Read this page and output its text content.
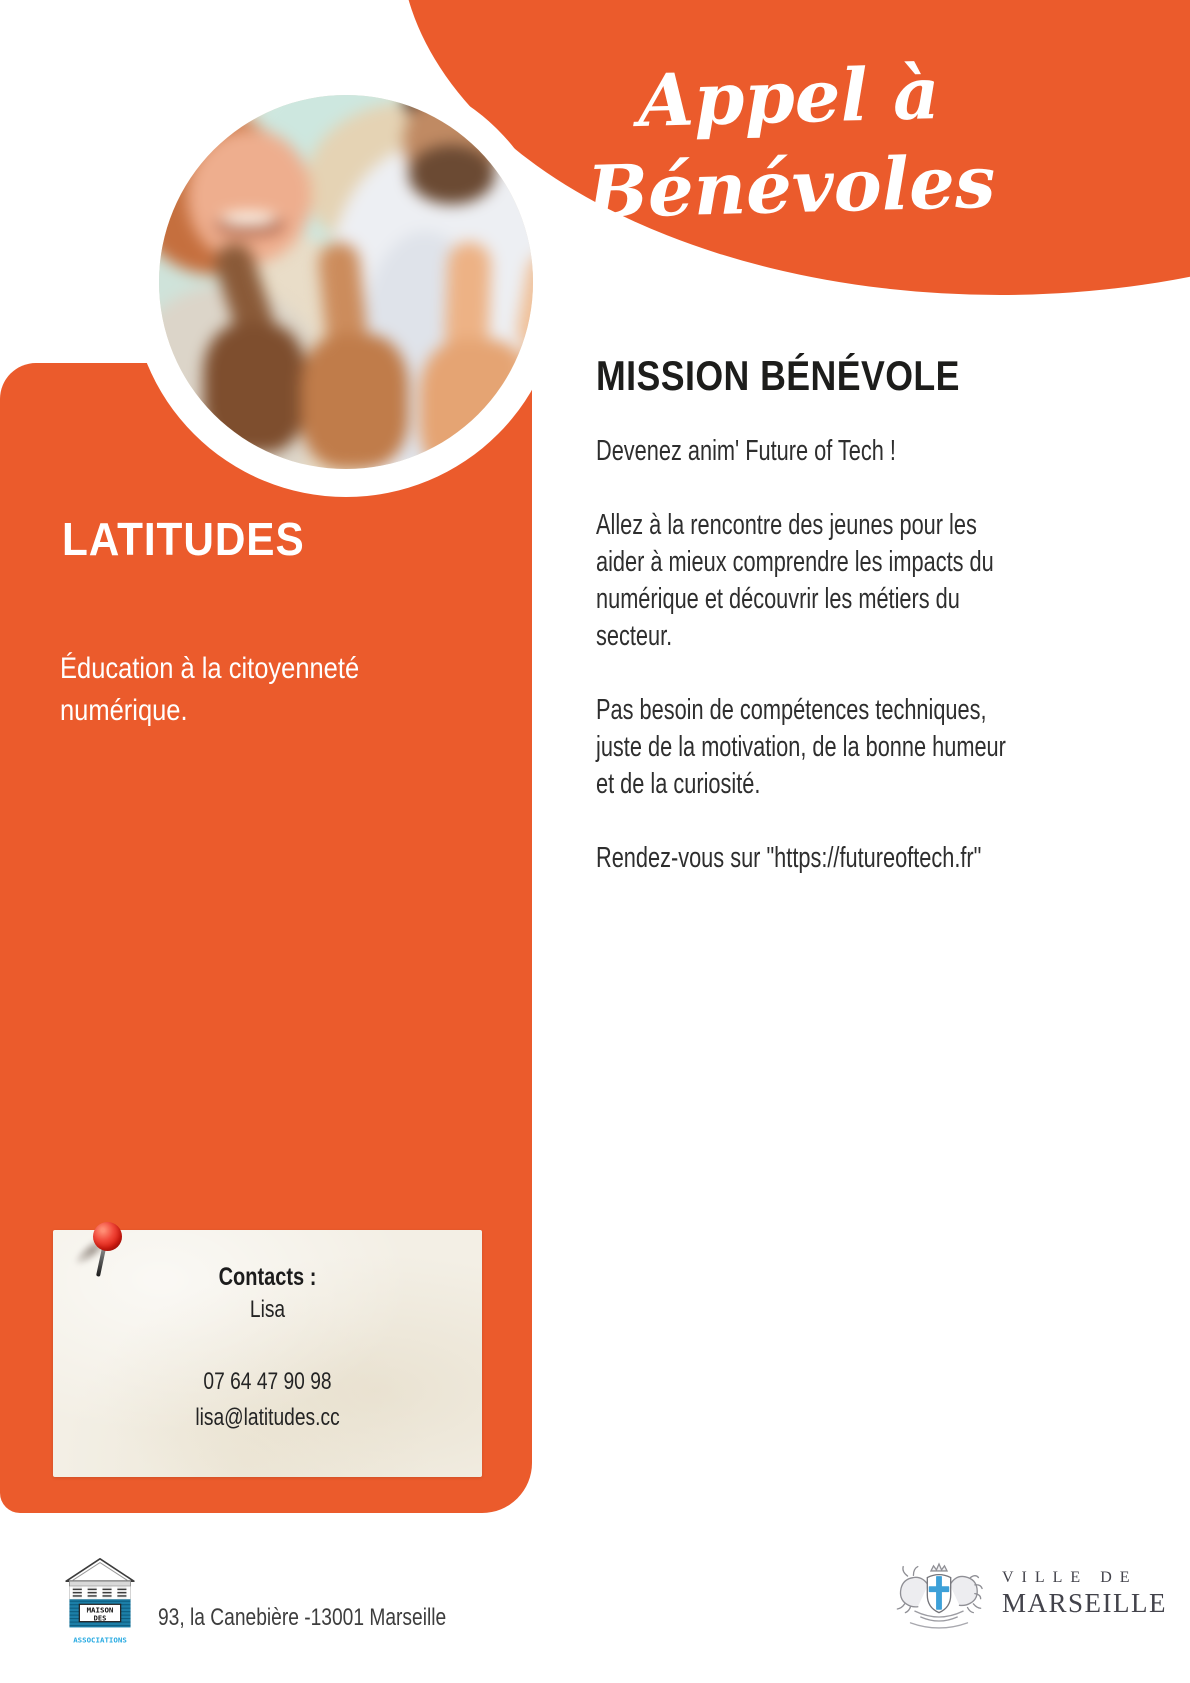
Appel à Bénévoles
LATITUDES
Éducation à la citoyenneté
numérique.
MISSION BÉNÉVOLE
Devenez anim' Future of Tech !
Allez à la rencontre des jeunes pour les
aider à mieux comprendre les impacts du
numérique et découvrir les métiers du
secteur.
Pas besoin de compétences techniques,
juste de la motivation, de la bonne humeur
et de la curiosité.
Rendez-vous sur "https://futureoftech.fr"
Contacts :
Lisa
07 64 47 90 98
lisa@latitudes.cc
MAISON
DES
ASSOCIATIONS
93, la Canebière -13001 Marseille
VILLE DE
MARSEILLE
